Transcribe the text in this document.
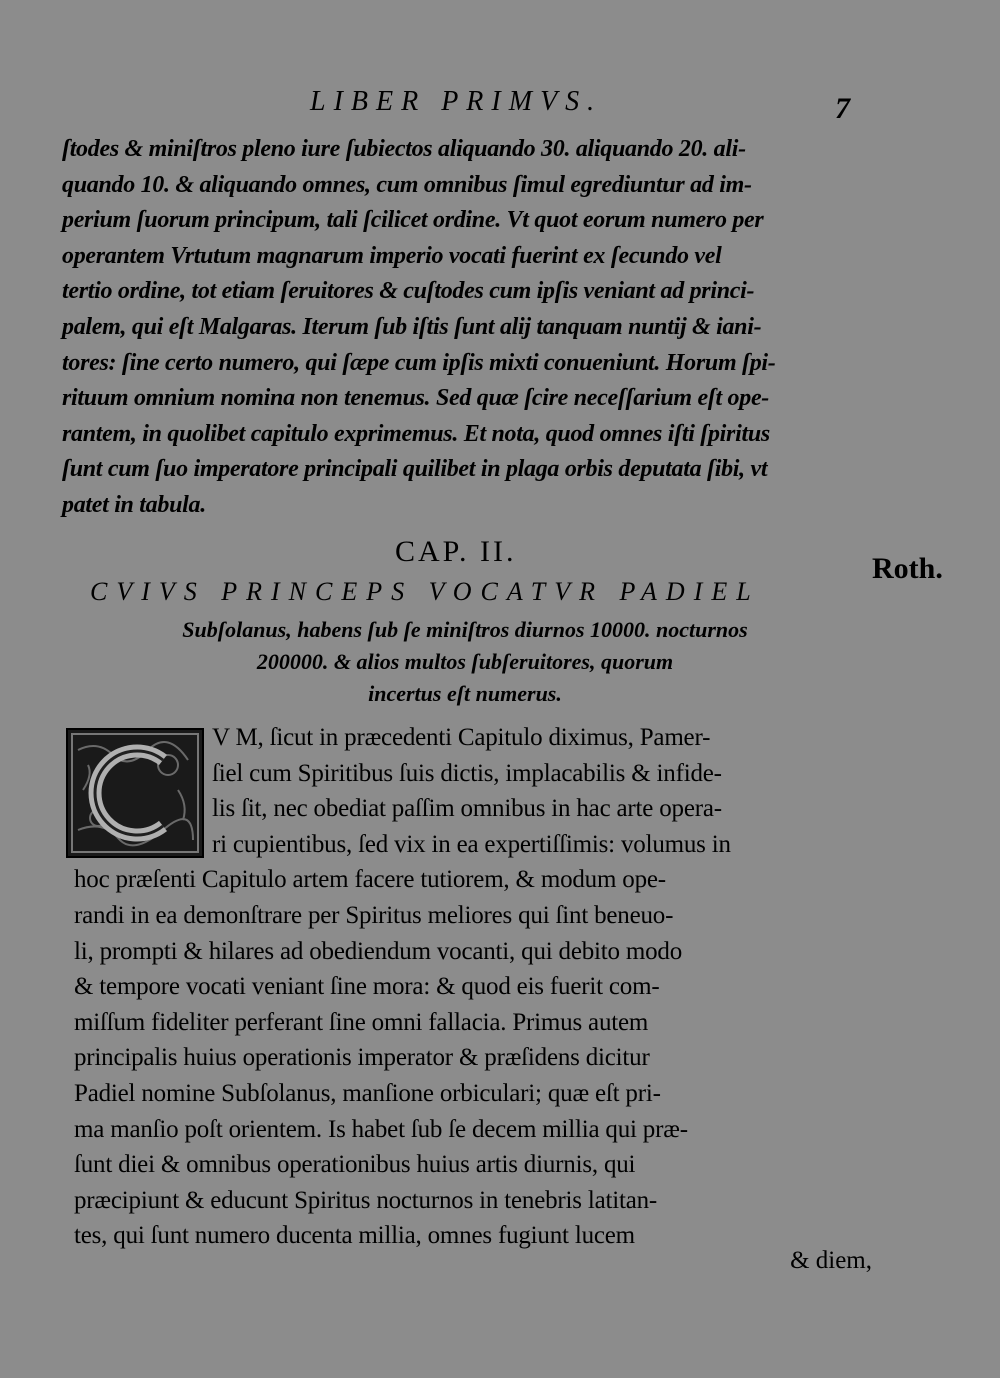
LIBER PRIMVS.	7
ſtodes & miniſtros pleno iure ſubiectos aliquando 30. aliquando 20. ali-
quando 10. & aliquando omnes, cum omnibus ſimul egrediuntur ad im-
perium ſuorum principum, tali ſcilicet ordine. Vt quot eorum numero per
operantem Vrtutum magnarum imperio vocati fuerint ex ſecundo vel
tertio ordine, tot etiam ſeruitores & cuſtodes cum ipſis veniant ad princi-
palem, qui eſt Malgaras. Iterum ſub iſtis ſunt alij tanquam nuntij & iani-
tores: ſine certo numero, qui ſæpe cum ipſis mixti conueniunt. Horum ſpi-
rituum omnium nomina non tenemus. Sed quæ ſcire neceſſarium eſt ope-
rantem, in quolibet capitulo exprimemus. Et nota, quod omnes iſti ſpiritus
ſunt cum ſuo imperatore principali quilibet in plaga orbis deputata ſibi, vt
patet in tabula.
CAP. II.
Roth.
CVIVS PRINCEPS VOCATVR PADIEL
Subſolanus, habens ſub ſe miniſtros diurnos 10000. nocturnos
200000. & alios multos ſubſeruitores, quorum
incertus eſt numerus.
V M, ſicut in præcedenti Capitulo diximus, Pamer-
ſiel cum Spiritibus ſuis dictis, implacabilis & infide-
lis ſit, nec obediat paſſim omnibus in hac arte opera-
ri cupientibus, ſed vix in ea expertiſſimis: volumus in
hoc præſenti Capitulo artem facere tutiorem, & modum ope-
randi in ea demonſtrare per Spiritus meliores qui ſint beneuo-
li, prompti & hilares ad obediendum vocanti, qui debito modo
& tempore vocati veniant ſine mora: & quod eis fuerit com-
miſſum fideliter perferant ſine omni fallacia. Primus autem
principalis huius operationis imperator & præſidens dicitur
Padiel nomine Subſolanus, manſione orbiculari; quæ eſt pri-
ma manſio poſt orientem. Is habet ſub ſe decem millia qui præ-
ſunt diei & omnibus operationibus huius artis diurnis, qui
præcipiunt & educunt Spiritus nocturnos in tenebris latitan-
tes, qui ſunt numero ducenta millia, omnes fugiunt lucem
& diem,
